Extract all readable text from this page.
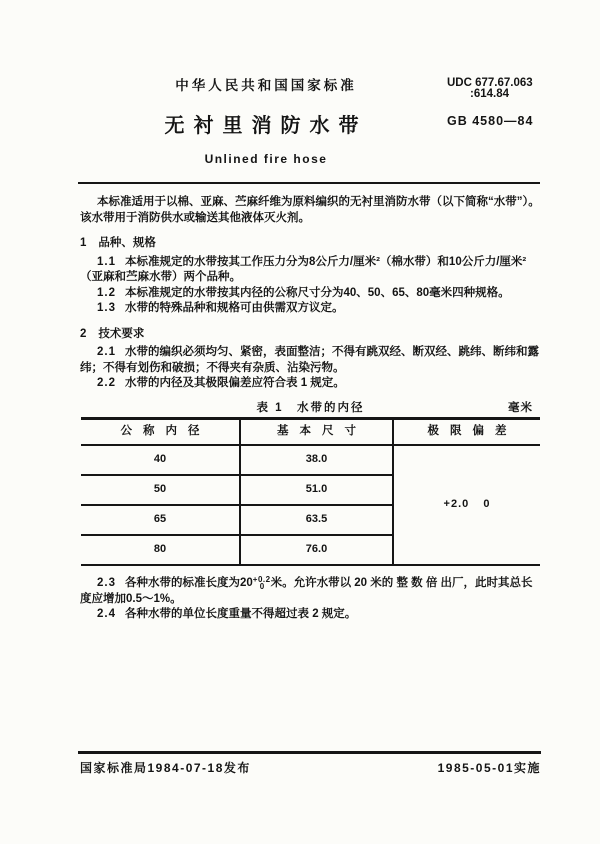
中华人民共和国国家标准
无衬里消防水带
Unlined fire hose
UDC 677.67.063
:614.84
GB 4580—84

本标准适用于以棉、亚麻、苎麻纤维为原料编织的无衬里消防水带（以下简称“水带”）。该水带用于消防供水或输送其他液体灭火剂。

1 品种、规格

1.1 本标准规定的水带按其工作压力分为8公斤力/厘米²（棉水带）和10公斤力/厘米²（亚麻和苎麻水带）两个品种。

1.2 本标准规定的水带按其内径的公称尺寸分为40、50、65、80毫米四种规格。

1.3 水带的特殊品种和规格可由供需双方议定。

2 技术要求

2.1 水带的编织必须均匀、紧密，表面整洁；不得有跳双经、断双经、跳纬、断纬和露纬；不得有划伤和破损；不得夹有杂质、沾染污物。

2.2 水带的内径及其极限偏差应符合表 1 规定。

表 1　水带的内径	毫米
公称内径	基本尺寸	极限偏差
40	38.0	+2.0 0
50	51.0	
65	63.5	
80	76.0	

2.3 各种水带的标准长度为20+0.2
0 米。允许水带以 20 米的 整 数 倍 出厂，此时其总长度应增加0.5～1%。

2.4 各种水带的单位长度重量不得超过表 2 规定。

国家标准局1984-07-18发布	1985-05-01实施
